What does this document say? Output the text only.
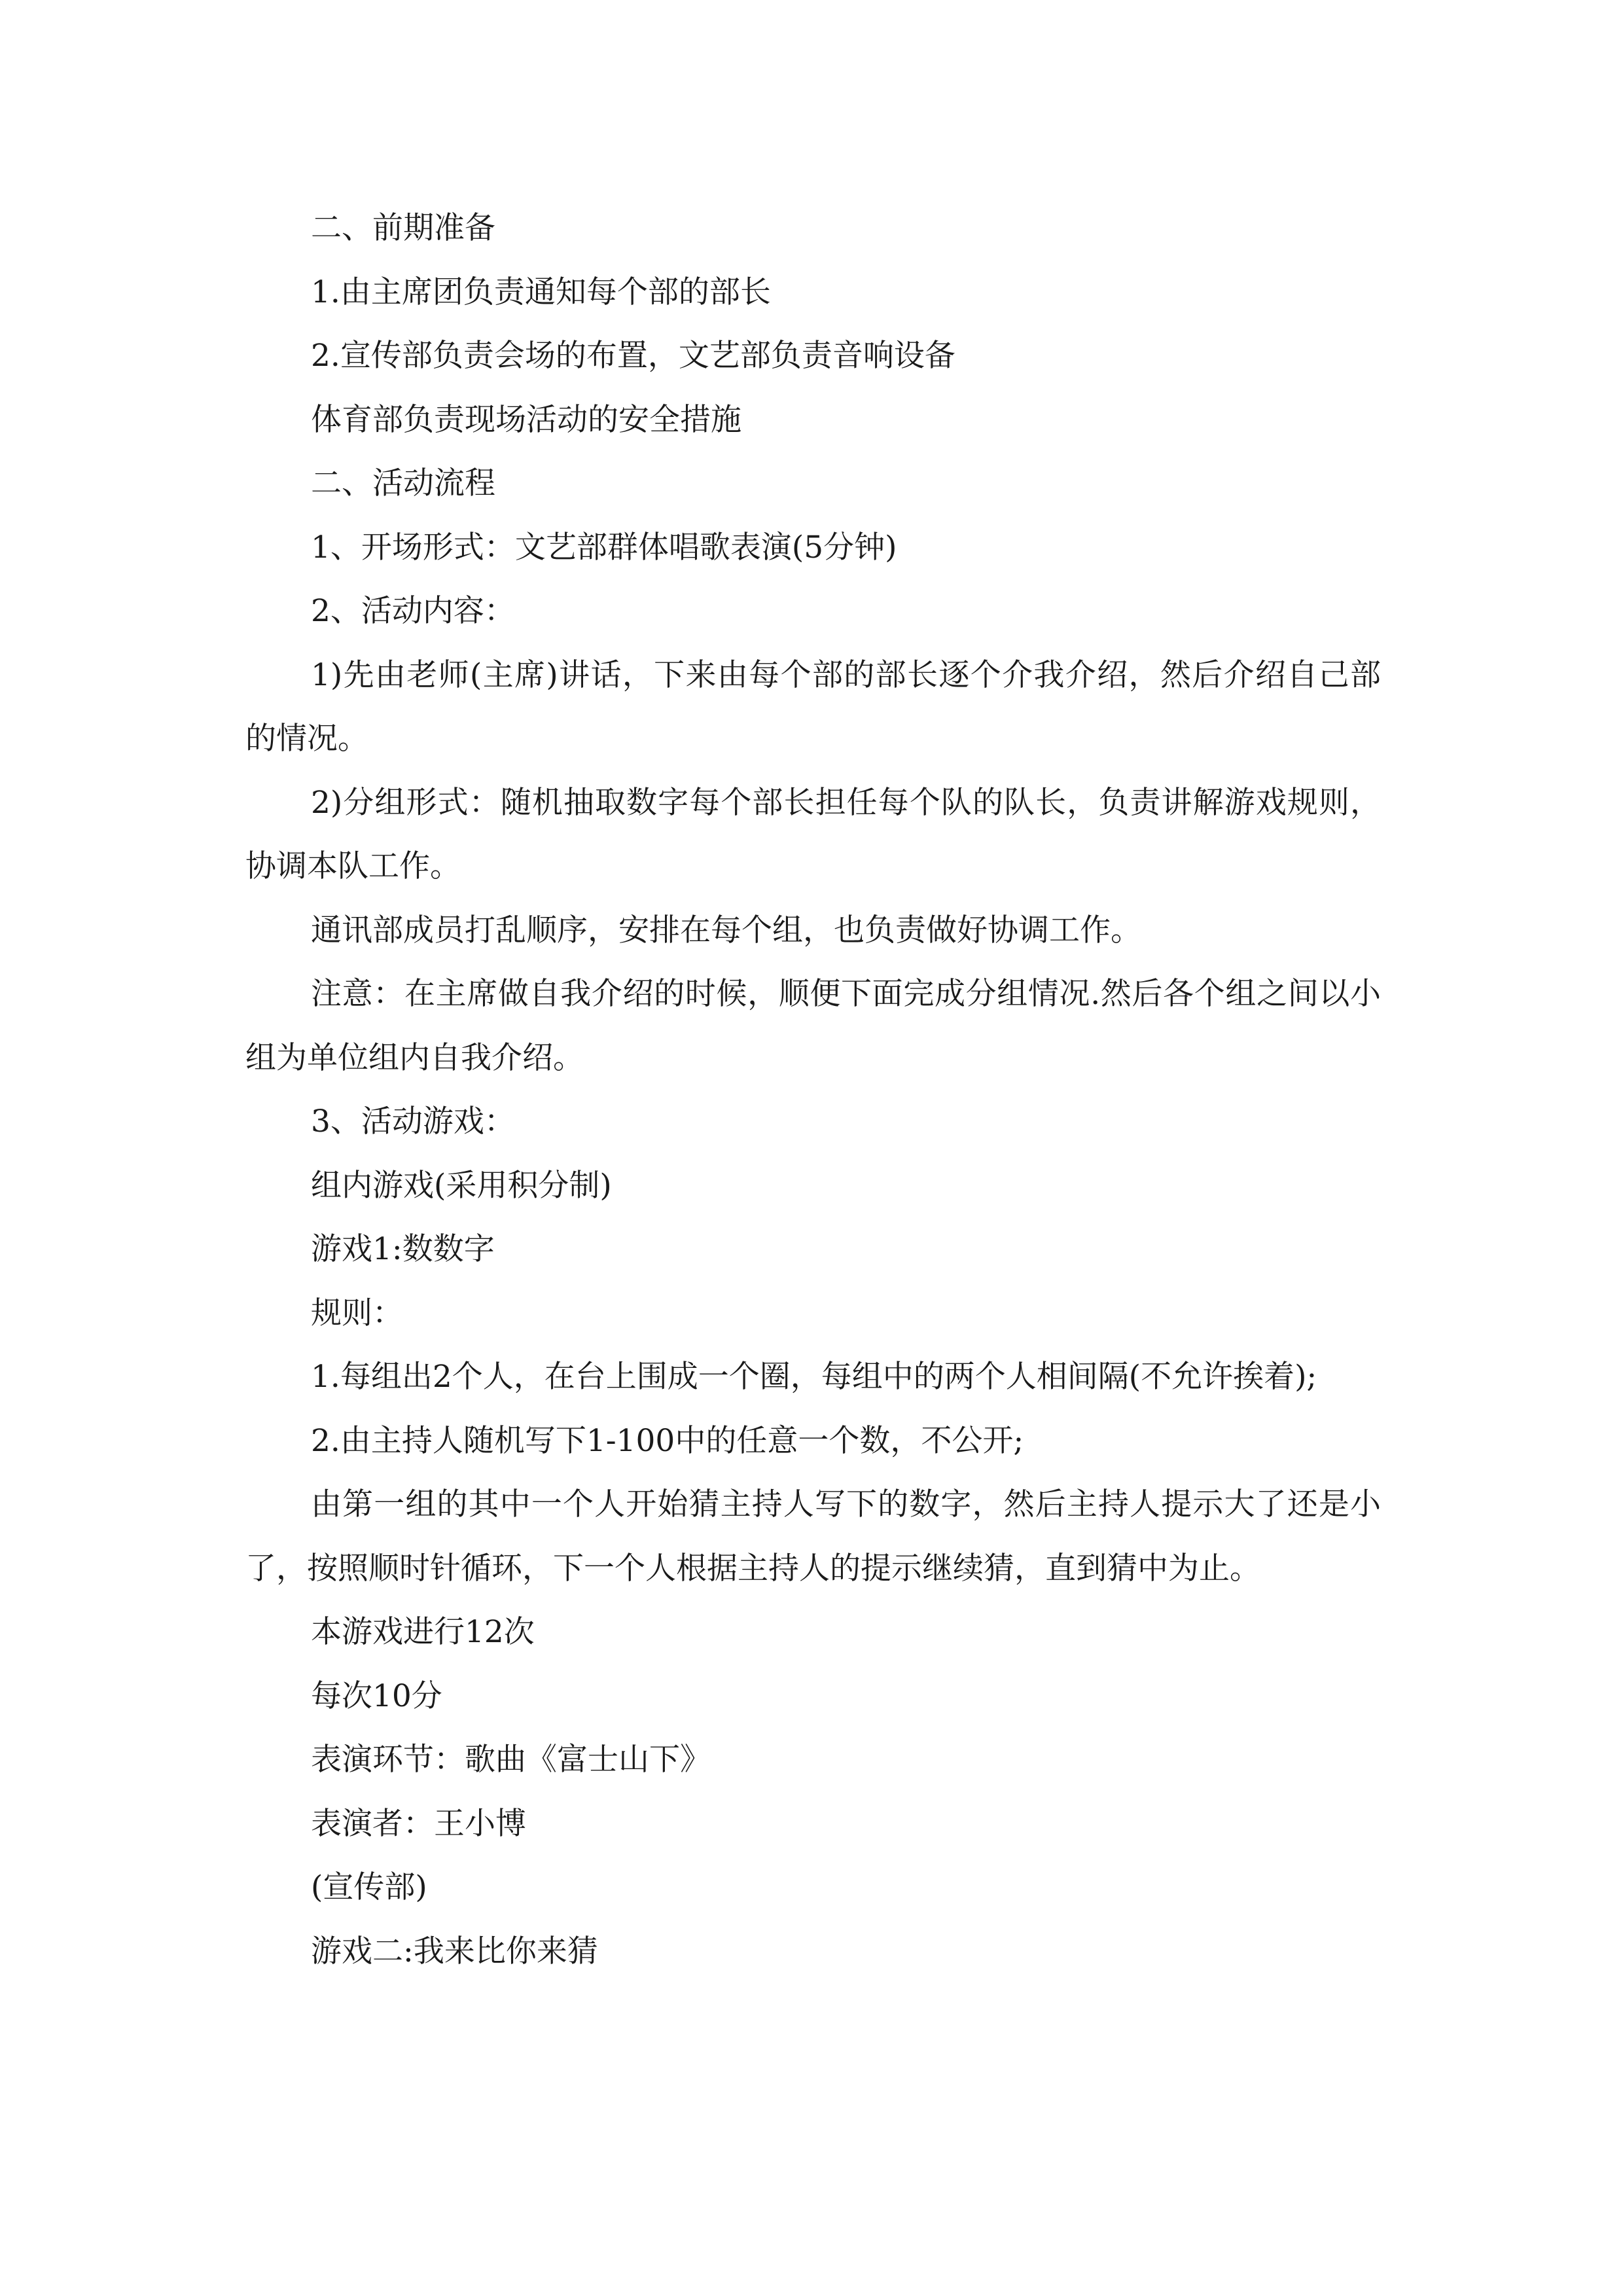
二、前期准备

1.由主席团负责通知每个部的部长

2.宣传部负责会场的布置，文艺部负责音响设备

体育部负责现场活动的安全措施

二、活动流程

1、开场形式：文艺部群体唱歌表演(5分钟)

2、活动内容：

1)先由老师(主席)讲话，下来由每个部的部长逐个介我介绍，然后介绍自己部的情况。

2)分组形式：随机抽取数字每个部长担任每个队的队长，负责讲解游戏规则，协调本队工作。

通讯部成员打乱顺序，安排在每个组，也负责做好协调工作。

注意：在主席做自我介绍的时候，顺便下面完成分组情况.然后各个组之间以小组为单位组内自我介绍。

3、活动游戏：

组内游戏(采用积分制)

游戏1:数数字

规则：

1.每组出2个人，在台上围成一个圈，每组中的两个人相间隔(不允许挨着);

2.由主持人随机写下1-100中的任意一个数，不公开;

由第一组的其中一个人开始猜主持人写下的数字，然后主持人提示大了还是小了，按照顺时针循环，下一个人根据主持人的提示继续猜，直到猜中为止。

本游戏进行12次

每次10分

表演环节：歌曲《富士山下》

表演者：王小博

(宣传部)

游戏二:我来比你来猜
